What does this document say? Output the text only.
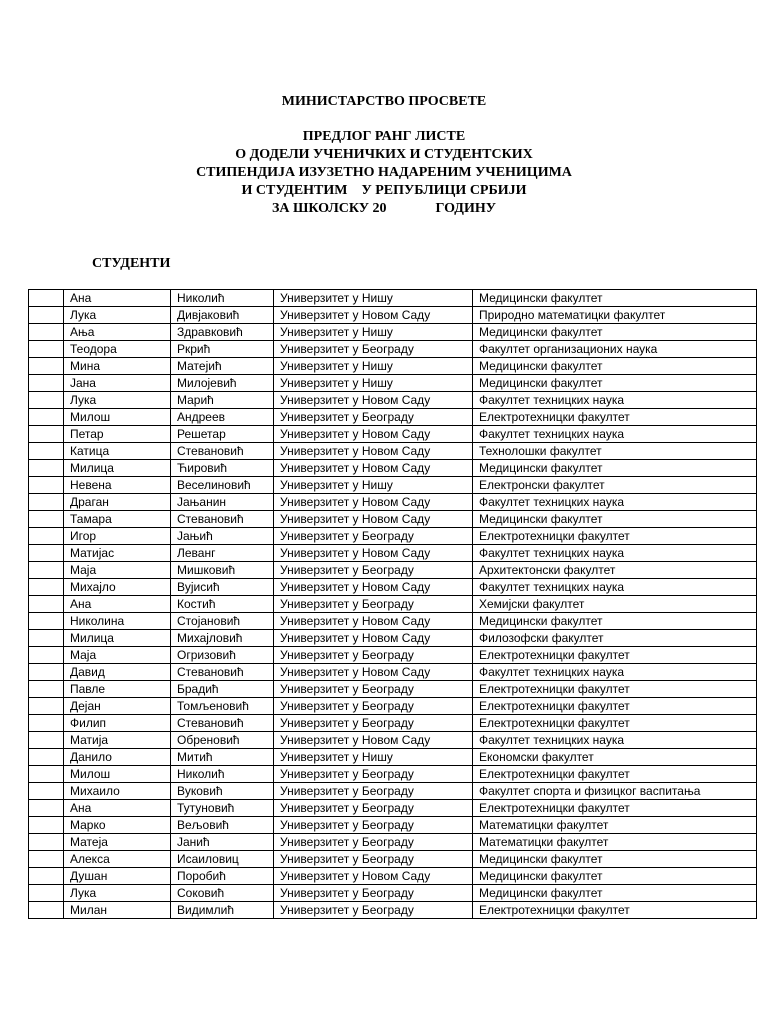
МИНИСТАРСТВО ПРОСВЕТЕ
ПРЕДЛОГ РАНГ ЛИСТЕ
О ДОДЕЛИ УЧЕНИЧКИХ И СТУДЕНТСКИХ
СТИПЕНДИЈА ИЗУЗЕТНО НАДАРЕНИМ УЧЕНИЦИМА
И СТУДЕНТИМ    У РЕПУБЛИЦИ СРБИЈИ
ЗА ШКОЛСКУ 20              ГОДИНУ
СТУДЕНТИ
	Ана	Николић	Универзитет у Нишу	Медицински факултет
	Лука	Дивјаковић	Универзитет у Новом Саду	Природно математицки факултет
	Ања	Здравковић	Универзитет у Нишу	Медицински факултет
	Теодора	Ркрић	Универзитет у Београду	Факултет организационих наука
	Мина	Матејић	Универзитет у Нишу	Медицински факултет
	Јана	Милојевић	Универзитет у Нишу	Медицински факултет
	Лука	Марић	Универзитет у Новом Саду	Факултет техницких наука
	Милош	Андреев	Универзитет у Београду	Електротехницки факултет
	Петар	Решетар	Универзитет у Новом Саду	Факултет техницких наука
	Катица	Стевановић	Универзитет у Новом Саду	Технолошки факултет
	Милица	Ћировић	Универзитет у Новом Саду	Медицински факултет
	Невена	Веселиновић	Универзитет у Нишу	Електронски факултет
	Драган	Јањанин	Универзитет у Новом Саду	Факултет техницких наука
	Тамара	Стевановић	Универзитет у Новом Саду	Медицински факултет
	Игор	Јањић	Универзитет у Београду	Електротехницки факултет
	Матијас	Леванг	Универзитет у Новом Саду	Факултет техницких наука
	Маја	Мишковић	Универзитет у Београду	Архитектонски факултет
	Михајло	Вујисић	Универзитет у Новом Саду	Факултет техницких наука
	Ана	Костић	Универзитет у Београду	Хемијски факултет
	Николина	Стојановић	Универзитет у Новом Саду	Медицински факултет
	Милица	Михајловић	Универзитет у Новом Саду	Филозофски факултет
	Маја	Огризовић	Универзитет у Београду	Електротехницки факултет
	Давид	Стевановић	Универзитет у Новом Саду	Факултет техницких наука
	Павле	Брадић	Универзитет у Београду	Електротехницки факултет
	Дејан	Томљеновић	Универзитет у Београду	Електротехницки факултет
	Филип	Стевановић	Универзитет у Београду	Електротехницки факултет
	Матија	Обреновић	Универзитет у Новом Саду	Факултет техницких наука
	Данило	Митић	Универзитет у Нишу	Економски факултет
	Милош	Николић	Универзитет у Београду	Електротехницки факултет
	Михаило	Вуковић	Универзитет у Београду	Факултет спорта и физицког васпитања
	Ана	Тутуновић	Универзитет у Београду	Електротехницки факултет
	Марко	Вељовић	Универзитет у Београду	Математицки факултет
	Матеја	Јанић	Универзитет у Београду	Математицки факултет
	Алекса	Исаиловиц	Универзитет у Београду	Медицински факултет
	Душан	Поробић	Универзитет у Новом Саду	Медицински факултет
	Лука	Соковић	Универзитет у Београду	Медицински факултет
	Милан	Видимлић	Универзитет у Београду	Електротехницки факултет
